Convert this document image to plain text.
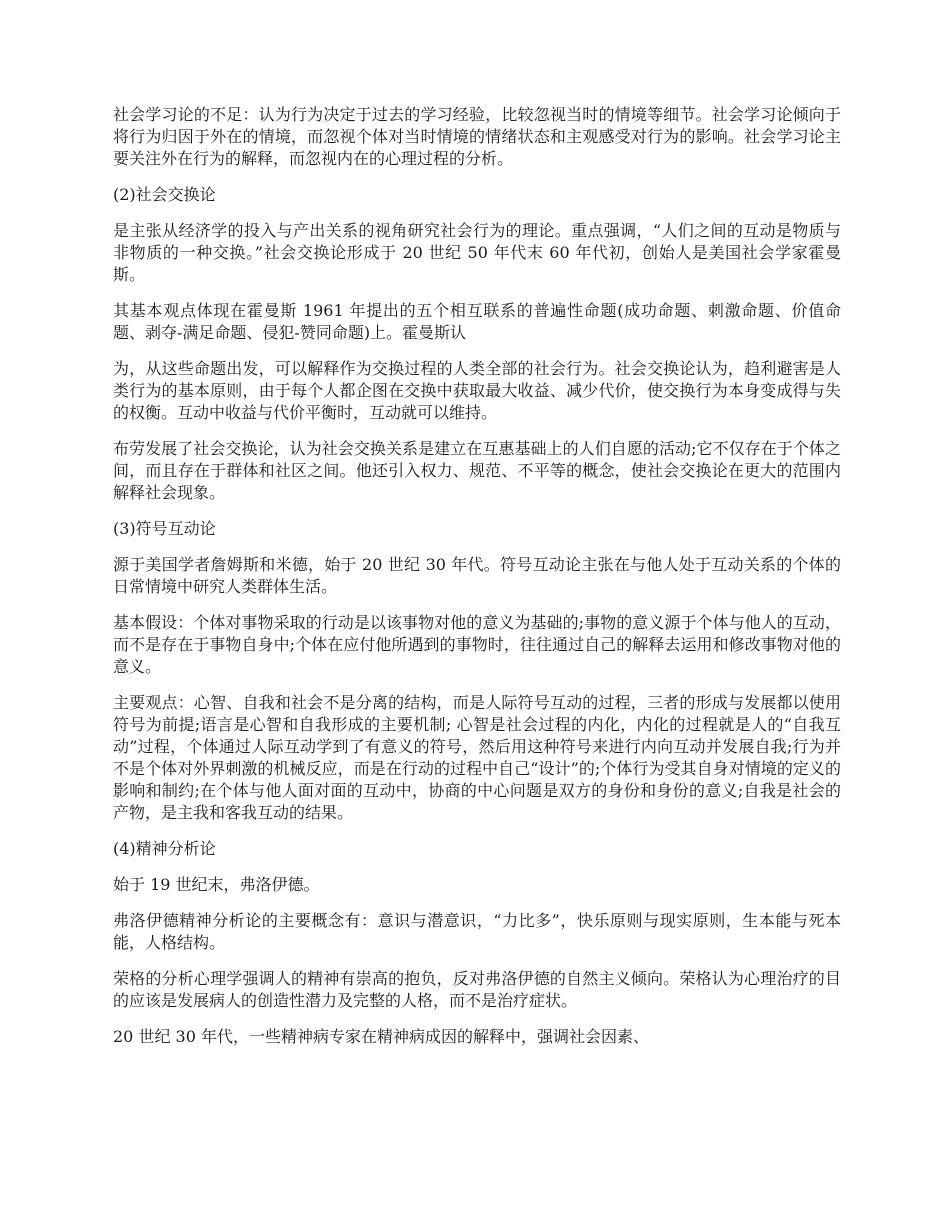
社会学习论的不足：认为行为决定于过去的学习经验，比较忽视当时的情境等细节。社会学习论倾向于将行为归因于外在的情境，而忽视个体对当时情境的情绪状态和主观感受对行为的影响。社会学习论主要关注外在行为的解释，而忽视内在的心理过程的分析。

(2)社会交换论

是主张从经济学的投入与产出关系的视角研究社会行为的理论。重点强调，“人们之间的互动是物质与非物质的一种交换。”社会交换论形成于 20 世纪 50 年代末 60 年代初，创始人是美国社会学家霍曼斯。

其基本观点体现在霍曼斯 1961 年提出的五个相互联系的普遍性命题(成功命题、刺激命题、价值命题、剥夺-满足命题、侵犯-赞同命题)上。霍曼斯认

为，从这些命题出发，可以解释作为交换过程的人类全部的社会行为。社会交换论认为，趋利避害是人类行为的基本原则，由于每个人都企图在交换中获取最大收益、减少代价，使交换行为本身变成得与失的权衡。互动中收益与代价平衡时，互动就可以维持。

布劳发展了社会交换论，认为社会交换关系是建立在互惠基础上的人们自愿的活动;它不仅存在于个体之间，而且存在于群体和社区之间。他还引入权力、规范、不平等的概念，使社会交换论在更大的范围内解释社会现象。

(3)符号互动论

源于美国学者詹姆斯和米德，始于 20 世纪 30 年代。符号互动论主张在与他人处于互动关系的个体的日常情境中研究人类群体生活。

基本假设：个体对事物采取的行动是以该事物对他的意义为基础的;事物的意义源于个体与他人的互动，而不是存在于事物自身中;个体在应付他所遇到的事物时，往往通过自己的解释去运用和修改事物对他的意义。

主要观点：心智、自我和社会不是分离的结构，而是人际符号互动的过程，三者的形成与发展都以使用符号为前提;语言是心智和自我形成的主要机制; 心智是社会过程的内化，内化的过程就是人的“自我互动”过程，个体通过人际互动学到了有意义的符号，然后用这种符号来进行内向互动并发展自我;行为并不是个体对外界刺激的机械反应，而是在行动的过程中自己“设计”的;个体行为受其自身对情境的定义的影响和制约;在个体与他人面对面的互动中，协商的中心问题是双方的身份和身份的意义;自我是社会的产物，是主我和客我互动的结果。

(4)精神分析论

始于 19 世纪末，弗洛伊德。

弗洛伊德精神分析论的主要概念有：意识与潜意识，“力比多”，快乐原则与现实原则，生本能与死本能，人格结构。

荣格的分析心理学强调人的精神有崇高的抱负，反对弗洛伊德的自然主义倾向。荣格认为心理治疗的目的应该是发展病人的创造性潜力及完整的人格，而不是治疗症状。

20 世纪 30 年代，一些精神病专家在精神病成因的解释中，强调社会因素、
